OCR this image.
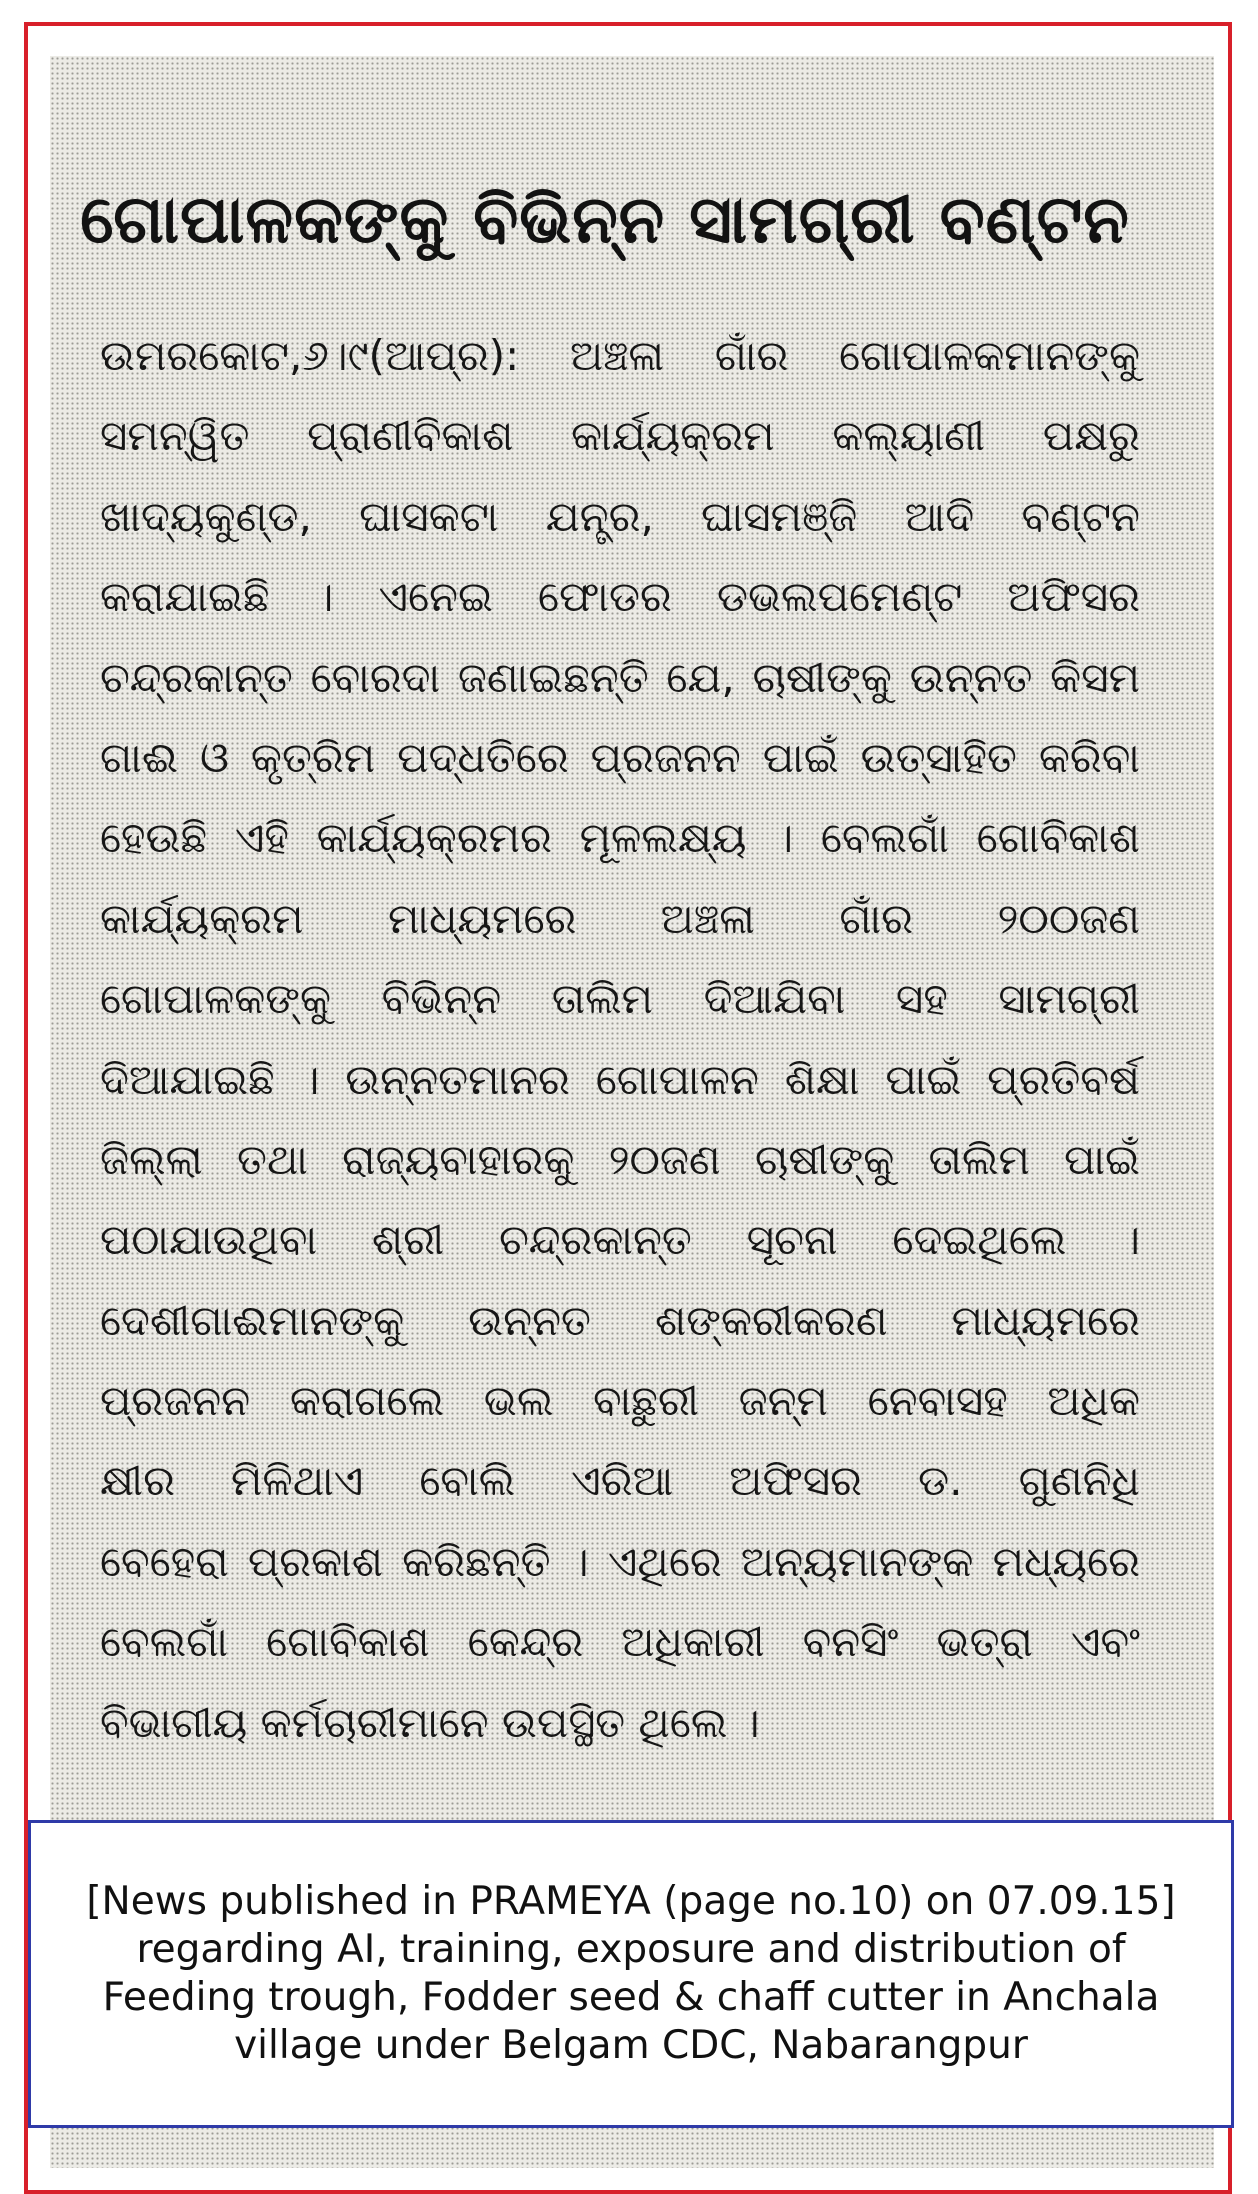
ଗୋପାଳକଙ୍କୁ ବିଭିନ୍ନ ସାମଗ୍ରୀ ବଣ୍ଟନ
ଉମରକୋଟ,୬।୯(ଆପ୍ର): ଅଞ୍ଚଳା ଗାଁର ଗୋପାଳକମାନଙ୍କୁ
ସମନ୍ୱିତ ପ୍ରାଣୀବିକାଶ କାର୍ଯ୍ୟକ୍ରମ କଲ୍ୟାଣୀ ପକ୍ଷରୁ
ଖାଦ୍ୟକୁଣ୍ଡ, ଘାସକଟା ଯନ୍ତ୍ର, ଘାସମଞ୍ଜି ଆଦି ବଣ୍ଟନ
କରାଯାଇଛି । ଏନେଇ ଫୋଡର ଡଭଲପମେଣ୍ଟ ଅଫିସର
ଚନ୍ଦ୍ରକାନ୍ତ ବୋରଦା ଜଣାଇଛନ୍ତି ଯେ, ଚାଷୀଙ୍କୁ ଉନ୍ନତ କିସମ
ଗାଈ ଓ କୃତ୍ରିମ ପଦ୍ଧତିରେ ପ୍ରଜନନ ପାଇଁ ଉତ୍ସାହିତ କରିବା
ହେଉଛି ଏହି କାର୍ଯ୍ୟକ୍ରମର ମୂଳଲକ୍ଷ୍ୟ । ବେଲଗାଁ ଗୋବିକାଶ
କାର୍ଯ୍ୟକ୍ରମ ମାଧ୍ୟମରେ ଅଞ୍ଚଳା ଗାଁର ୨୦୦ଜଣ
ଗୋପାଳକଙ୍କୁ ବିଭିନ୍ନ ତାଲିମ ଦିଆଯିବା ସହ ସାମଗ୍ରୀ
ଦିଆଯାଇଛି । ଉନ୍ନତମାନର ଗୋପାଳନ ଶିକ୍ଷା ପାଇଁ ପ୍ରତିବର୍ଷ
ଜିଲ୍ଲା ତଥା ରାଜ୍ୟବାହାରକୁ ୨୦ଜଣ ଚାଷୀଙ୍କୁ ତାଲିମ ପାଇଁ
ପଠାଯାଉଥିବା ଶ୍ରୀ ଚନ୍ଦ୍ରକାନ୍ତ ସୂଚନା ଦେଇଥିଲେ ।
ଦେଶୀଗାଈମାନଙ୍କୁ ଉନ୍ନତ ଶଙ୍କରୀକରଣ ମାଧ୍ୟମରେ
ପ୍ରଜନନ କରାଗଲେ ଭଲ ବାଛୁରୀ ଜନ୍ମ ନେବାସହ ଅଧିକ
କ୍ଷୀର ମିଳିଥାଏ ବୋଲି ଏରିଆ ଅଫିସର ଡ. ଗୁଣନିଧି
ବେହେରା ପ୍ରକାଶ କରିଛନ୍ତି । ଏଥିରେ ଅନ୍ୟମାନଙ୍କ ମଧ୍ୟରେ
ବେଲଗାଁ ଗୋବିକାଶ କେନ୍ଦ୍ର ଅଧିକାରୀ ବନସିଂ ଭତ୍ରା ଏବଂ
ବିଭାଗୀୟ କର୍ମଚାରୀମାନେ ଉପସ୍ଥିତ ଥିଲେ ।

[News published in PRAMEYA (page no.10) on 07.09.15] regarding AI, training, exposure and distribution of Feeding trough, Fodder seed & chaff cutter in Anchala village under Belgam CDC, Nabarangpur
